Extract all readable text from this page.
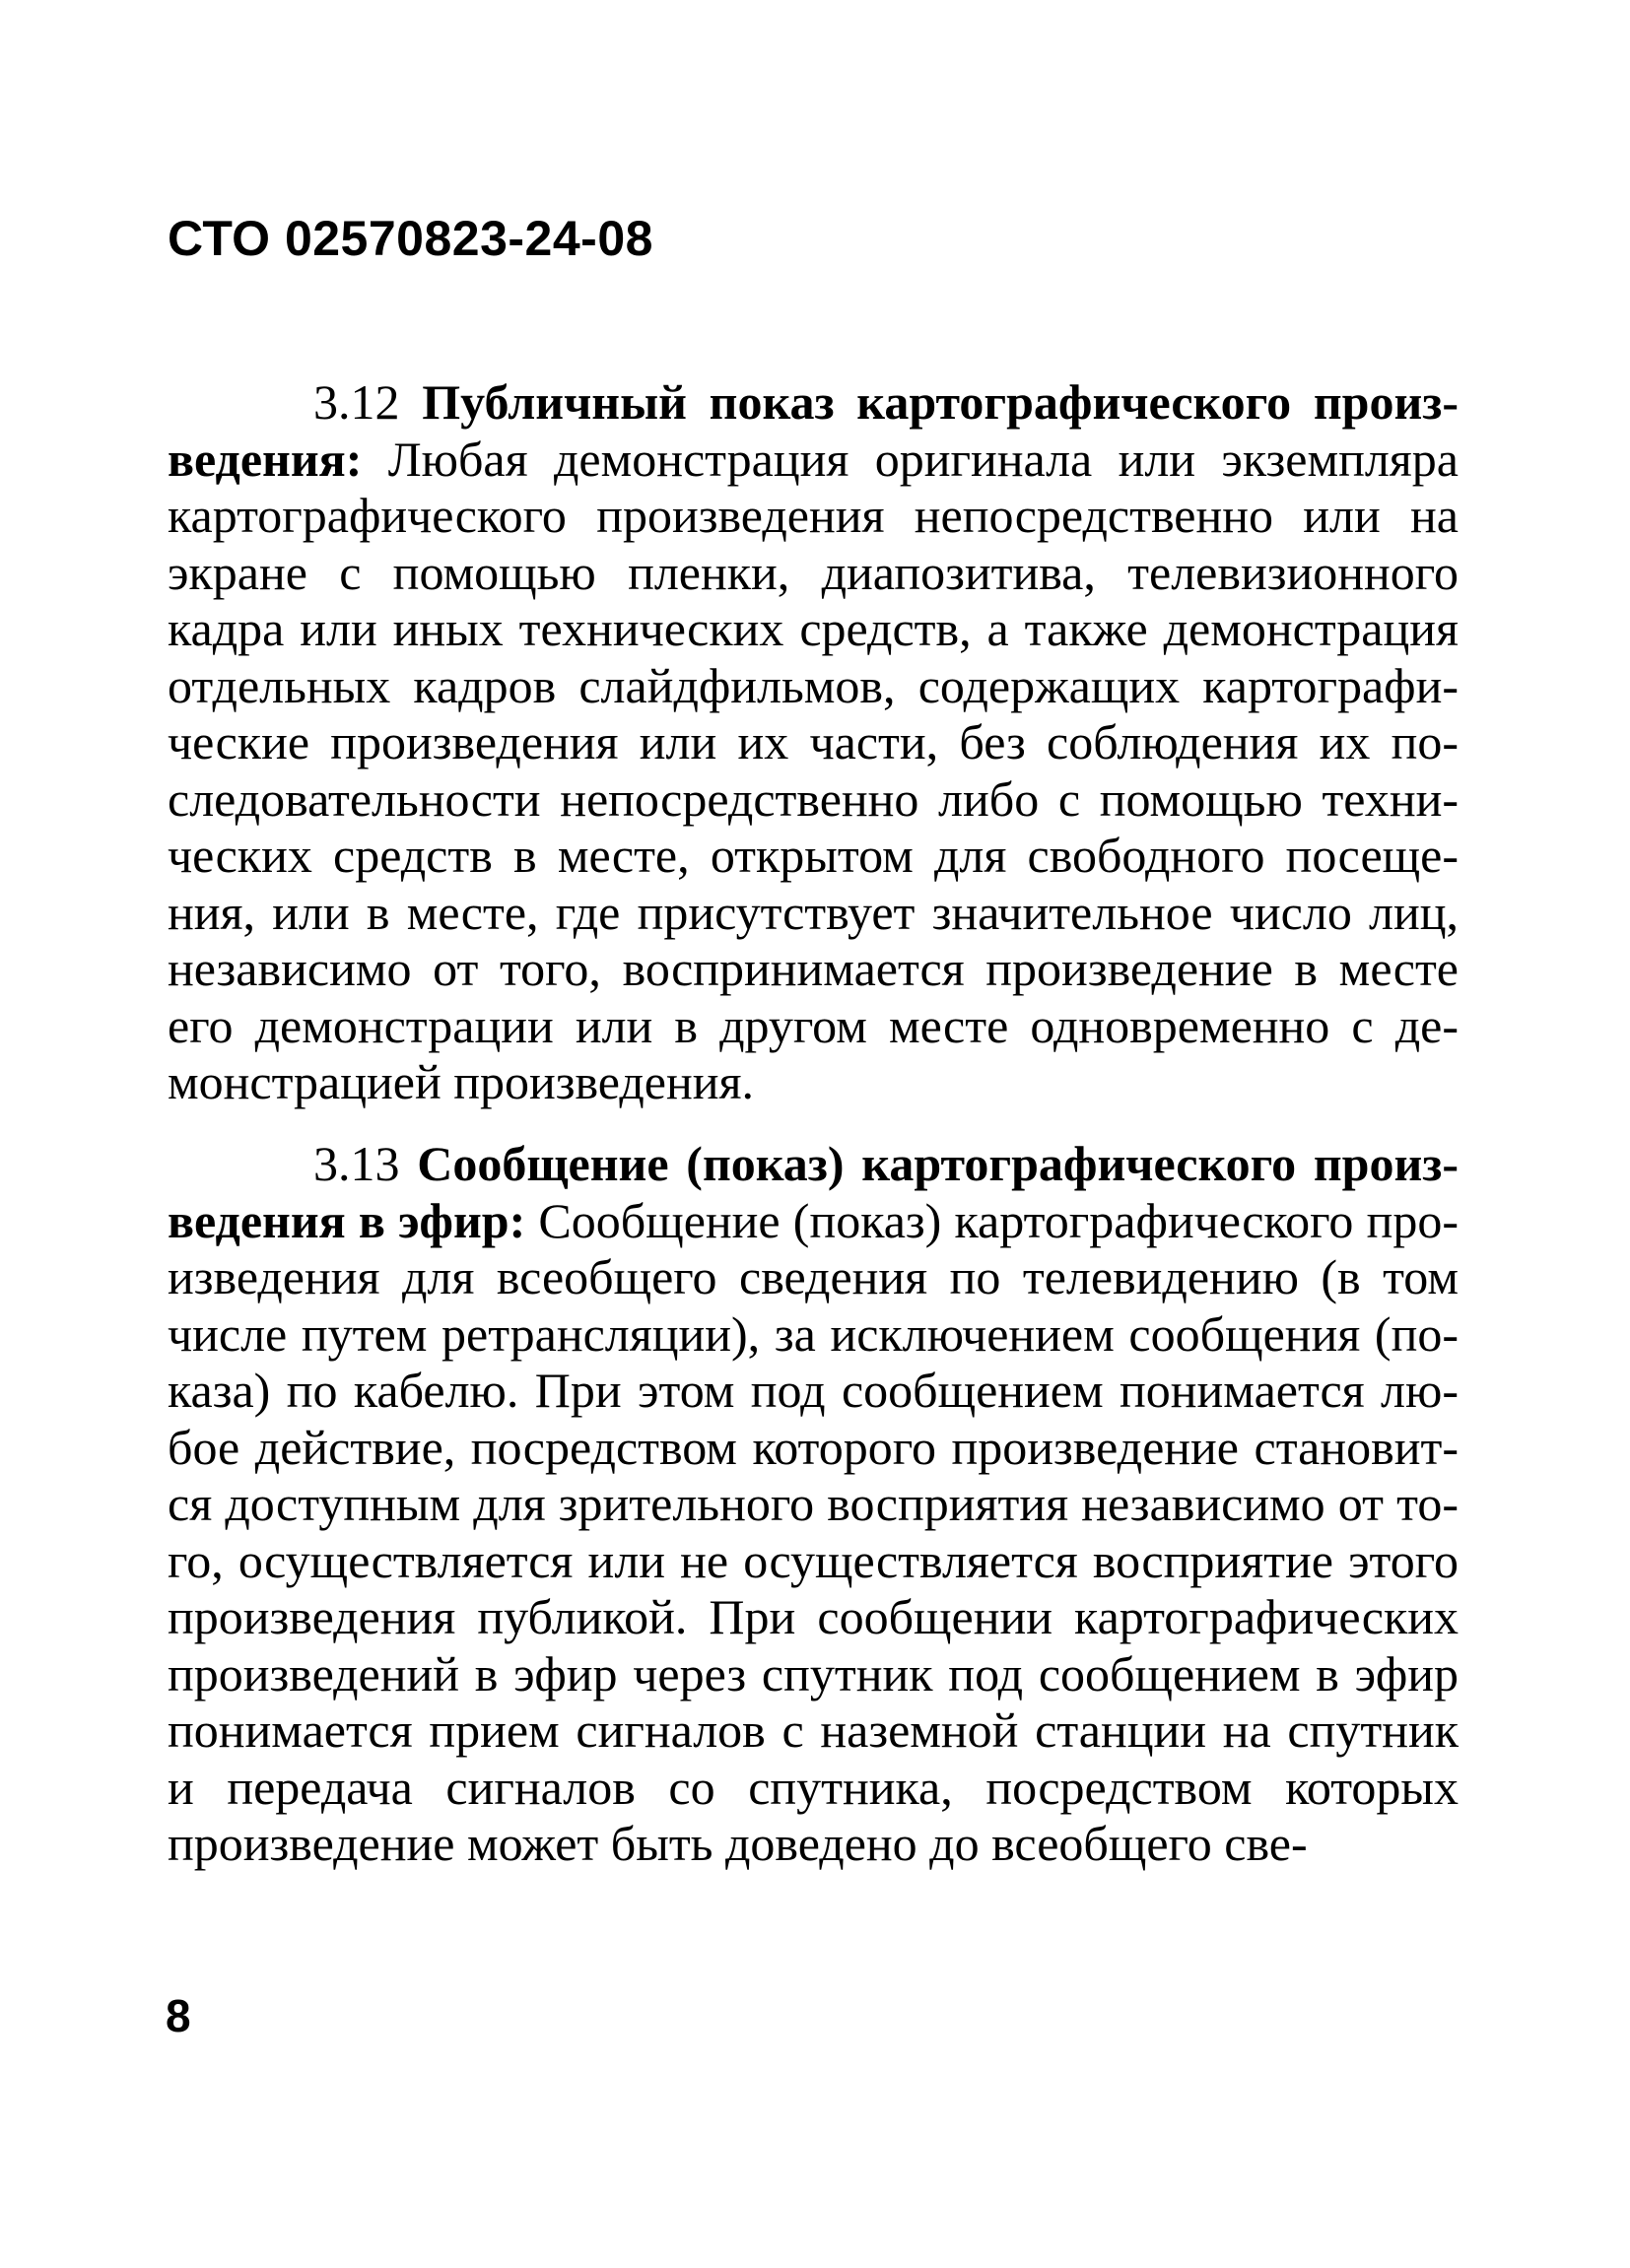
СТО 02570823-24-08

3.12 Публичный показ картографического произведения: Любая демонстрация оригинала или экземпляра картографического произведения непосредственно или на экране с помощью пленки, диапозитива, телевизионного кадра или иных технических средств, а также демонстрация отдельных кадров слайдфильмов, содержащих картографические произведения или их части, без соблюдения их последовательности непосредственно либо с помощью технических средств в месте, открытом для свободного посещения, или в месте, где присутствует значительное число лиц, независимо от того, воспринимается произведение в месте его демонстрации или в другом месте одновременно с демонстрацией произведения.

3.13 Сообщение (показ) картографического произведения в эфир: Сообщение (показ) картографического произведения для всеобщего сведения по телевидению (в том числе путем ретрансляции), за исключением сообщения (показа) по кабелю. При этом под сообщением понимается любое действие, посредством которого произведение становится доступным для зрительного восприятия независимо от того, осуществляется или не осуществляется восприятие этого произведения публикой. При сообщении картографических произведений в эфир через спутник под сообщением в эфир понимается прием сигналов с наземной станции на спутник и передача сигналов со спутника, посредством которых произведение может быть доведено до всеобщего све-

8
